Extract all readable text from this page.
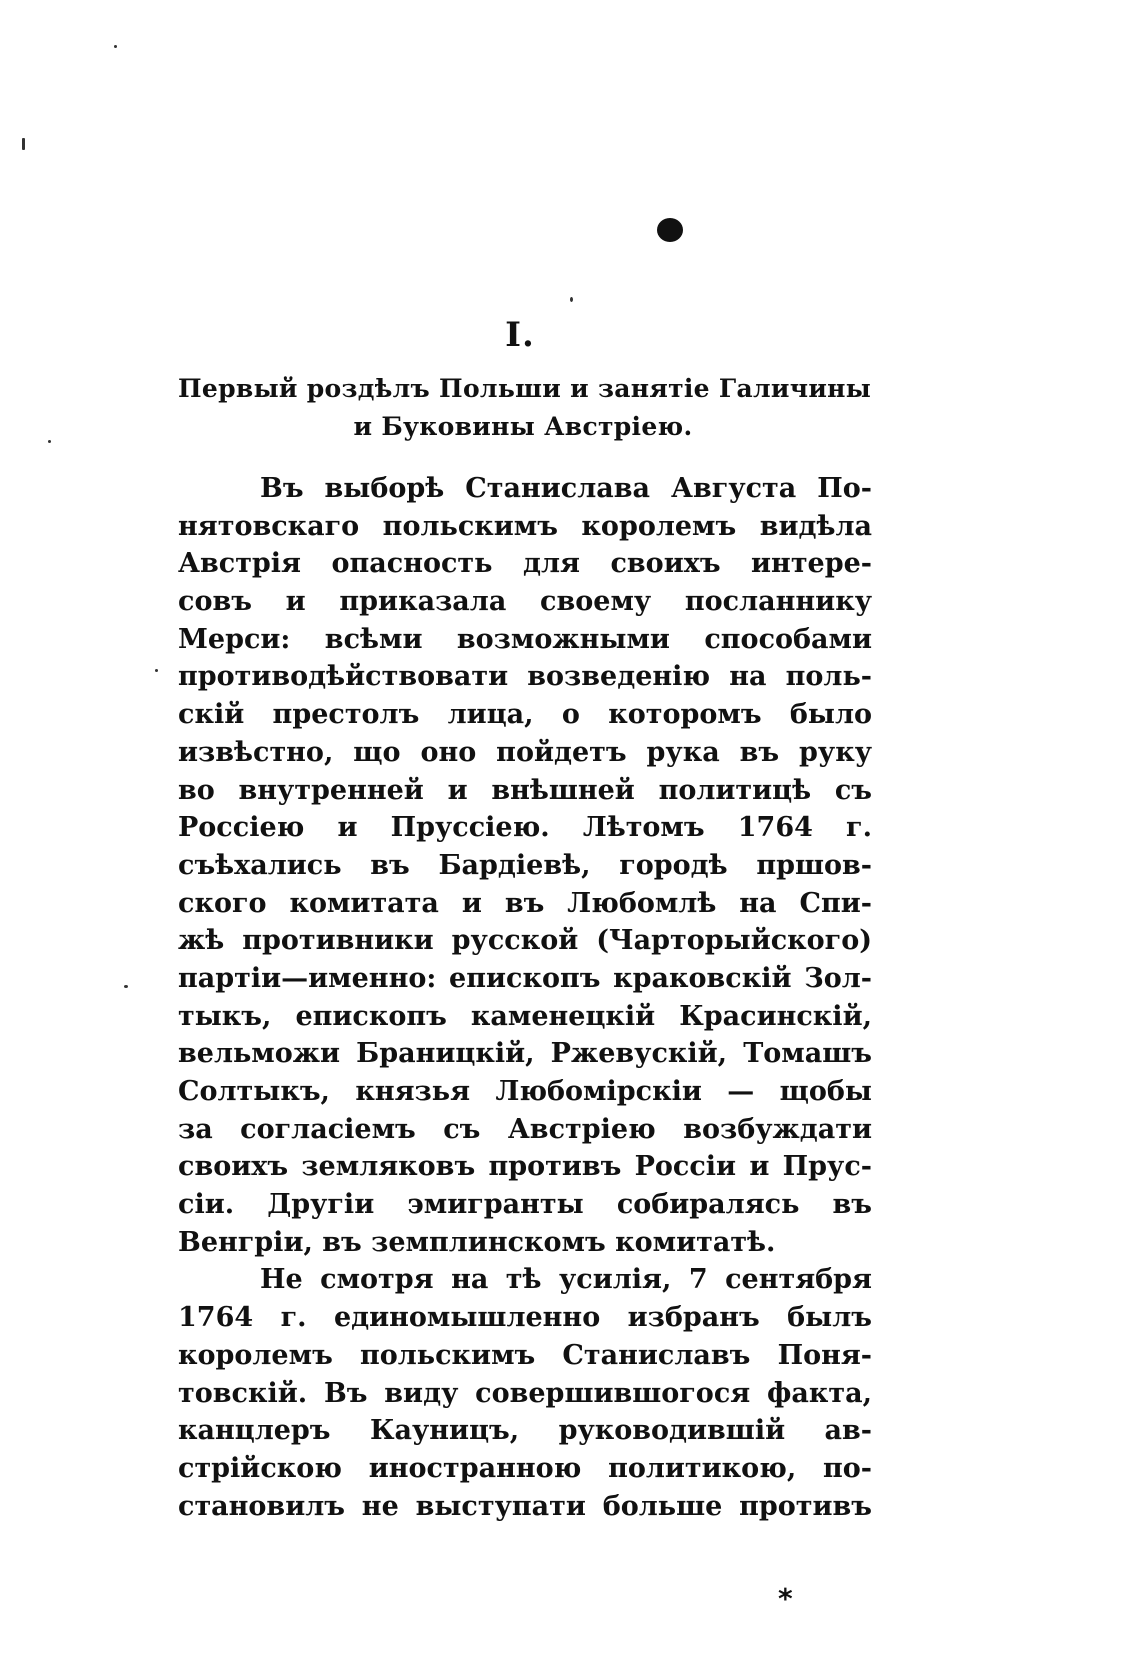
I.
Первый роздѣлъ Польши и занятіе Галичины
и Буковины Австріею.
Въ выборѣ Станислава Августа По-
нятовскаго польскимъ королемъ видѣла
Австрія опасность для своихъ интере-
совъ и приказала своему посланнику
Мерси: всѣми возможными способами
противодѣйствовати возведенію на поль-
скій престолъ лица, о которомъ было
извѣстно, що оно пойдетъ рука въ руку
во внутренней и внѣшней политицѣ съ
Россіею и Пруссіею. Лѣтомъ 1764 г.
съѣхались въ Бардіевѣ, городѣ пршов-
ского комитата и въ Любомлѣ на Спи-
жѣ противники русской (Чарторыйского)
партіи—именно: епископъ краковскій Зол-
тыкъ, епископъ каменецкій Красинскій,
вельможи Браницкій, Ржевускій, Томашъ
Солтыкъ, князья Любомірскіи — щобы
за согласіемъ съ Австріею возбуждати
своихъ земляковъ противъ Россіи и Прус-
сіи. Другіи эмигранты собиралясь въ
Венгріи, въ земплинскомъ комитатѣ.
Не смотря на тѣ усилія, 7 сентября
1764 г. единомышленно избранъ былъ
королемъ польскимъ Станиславъ Поня-
товскій. Въ виду совершившогося факта,
канцлеръ Кауницъ, руководившій ав-
стрійскою иностранною политикою, по-
становилъ не выступати больше противъ
*
